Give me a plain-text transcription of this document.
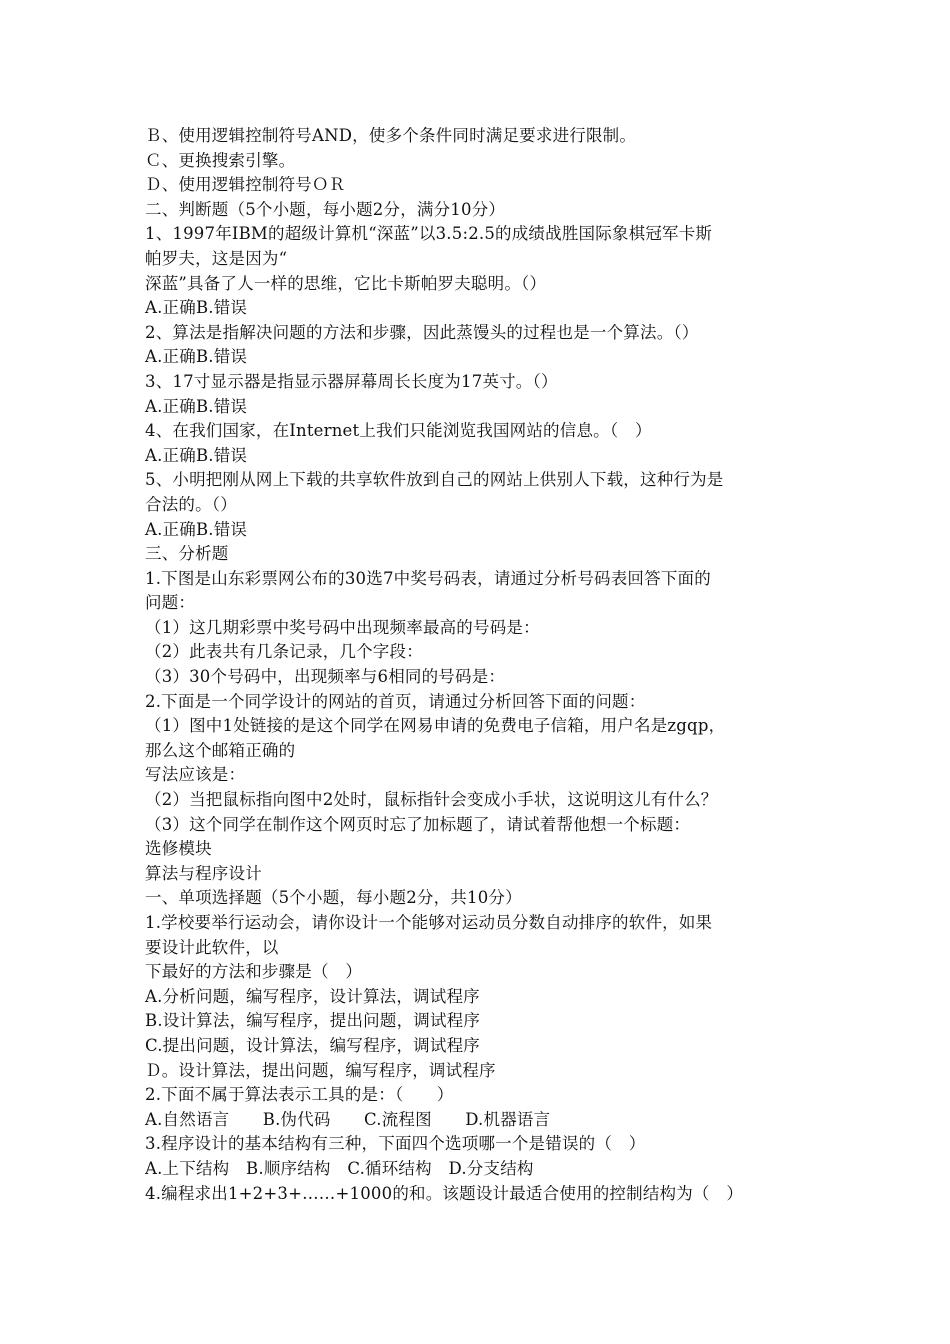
Ｂ、使用逻辑控制符号AND，使多个条件同时满足要求进行限制。
Ｃ、更换搜索引擎。
Ｄ、使用逻辑控制符号ＯＲ
二、判断题（5个小题，每小题2分，满分10分）
1、1997年IBM的超级计算机“深蓝”以3.5:2.5的成绩战胜国际象棋冠军卡斯
帕罗夫，这是因为“
深蓝”具备了人一样的思维，它比卡斯帕罗夫聪明。（）
A.正确B.错误
2、算法是指解决问题的方法和步骤，因此蒸馒头的过程也是一个算法。（）
A.正确B.错误
3、17寸显示器是指显示器屏幕周长长度为17英寸。（）
A.正确B.错误
4、在我们国家，在Internet上我们只能浏览我国网站的信息。（　）
A.正确B.错误
5、小明把刚从网上下载的共享软件放到自己的网站上供别人下载，这种行为是
合法的。（）
A.正确B.错误
三、分析题
1.下图是山东彩票网公布的30选7中奖号码表，请通过分析号码表回答下面的
问题：
（1）这几期彩票中奖号码中出现频率最高的号码是：
（2）此表共有几条记录，几个字段：
（3）30个号码中，出现频率与6相同的号码是：
2.下面是一个同学设计的网站的首页，请通过分析回答下面的问题：
（1）图中1处链接的是这个同学在网易申请的免费电子信箱，用户名是zgqp，
那么这个邮箱正确的
写法应该是：
（2）当把鼠标指向图中2处时，鼠标指针会变成小手状，这说明这儿有什么？
（3）这个同学在制作这个网页时忘了加标题了，请试着帮他想一个标题：
选修模块
算法与程序设计
一、单项选择题（5个小题，每小题2分，共10分）
1.学校要举行运动会，请你设计一个能够对运动员分数自动排序的软件，如果
要设计此软件，以
下最好的方法和步骤是（　）
A.分析问题，编写程序，设计算法，调试程序
B.设计算法，编写程序，提出问题，调试程序
C.提出问题，设计算法，编写程序，调试程序
Ｄ。设计算法，提出问题，编写程序，调试程序
2.下面不属于算法表示工具的是：（　　）
A.自然语言　　B.伪代码　　C.流程图　　D.机器语言
3.程序设计的基本结构有三种，下面四个选项哪一个是错误的（　）
A.上下结构　B.顺序结构　C.循环结构　D.分支结构
4.编程求出1+2+3+……+1000的和。该题设计最适合使用的控制结构为（　）
